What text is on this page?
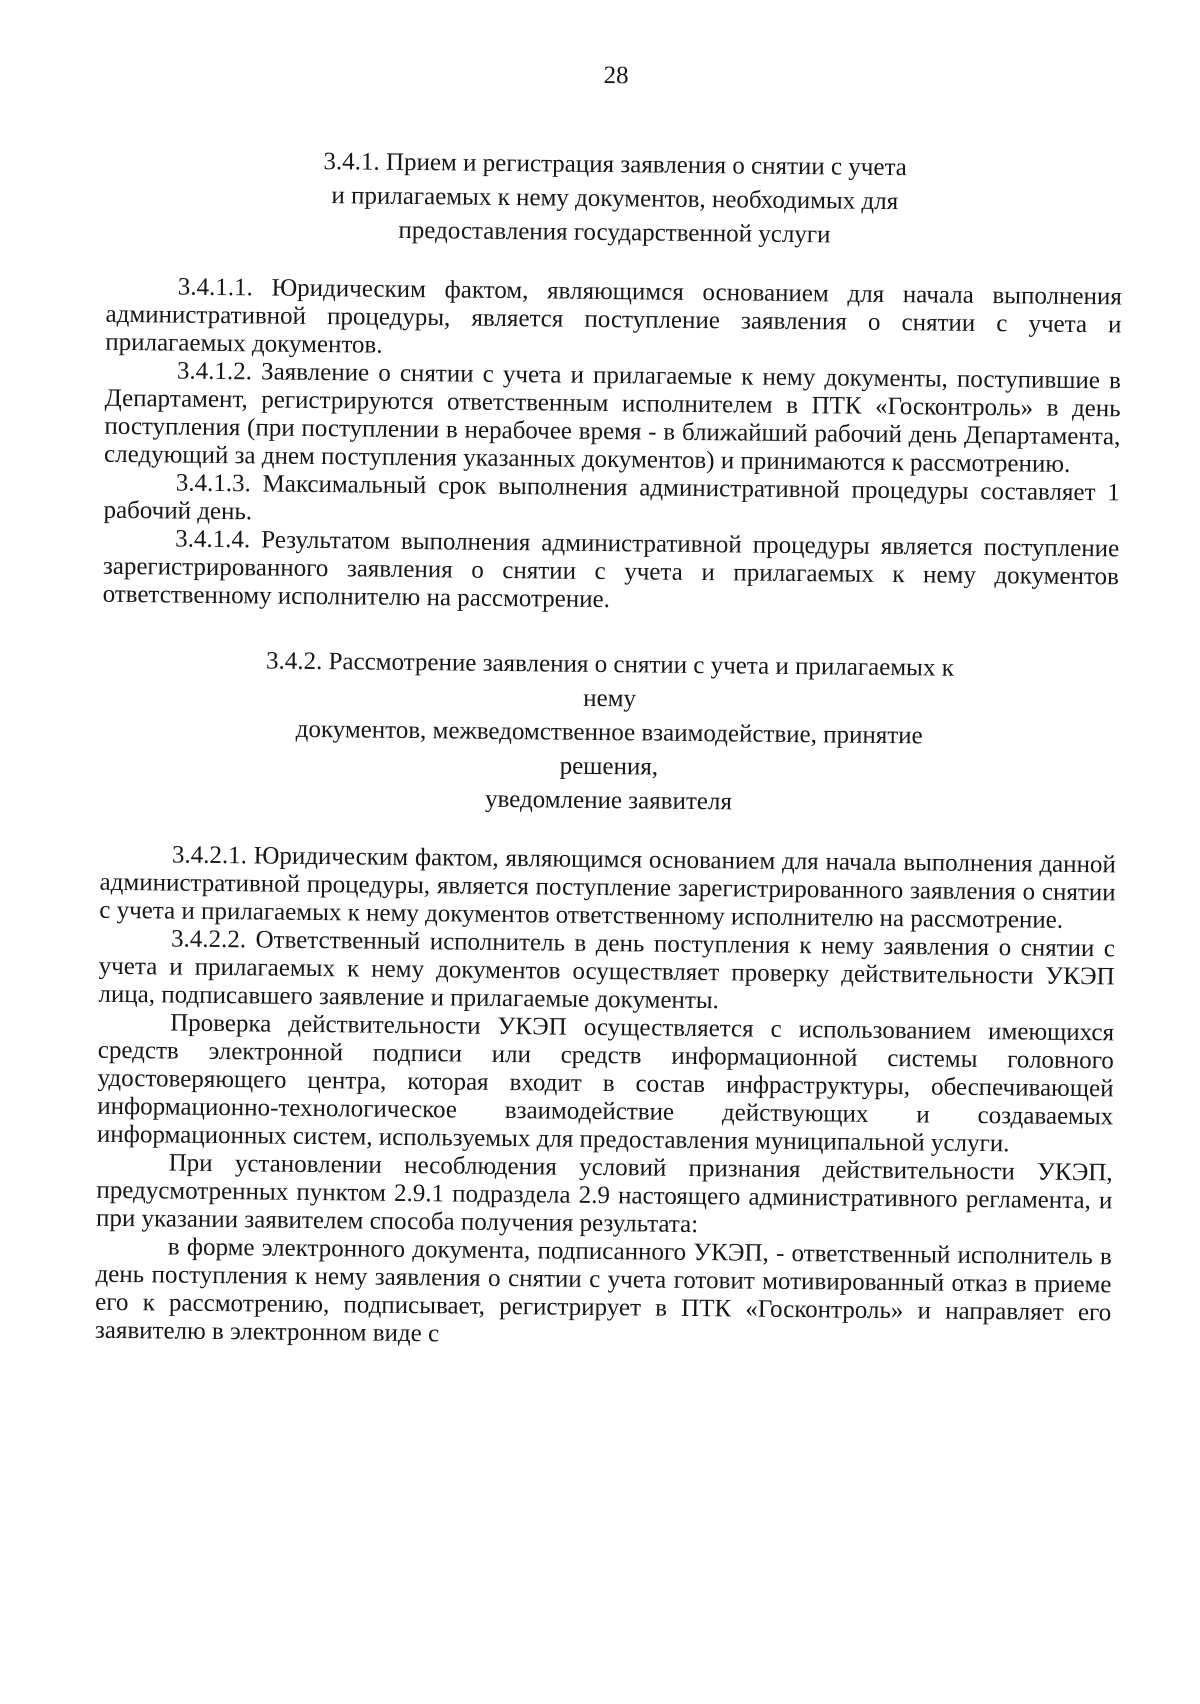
28
3.4.1. Прием и регистрация заявления о снятии с учета
и прилагаемых к нему документов, необходимых для
предоставления государственной услуги

3.4.1.1. Юридическим фактом, являющимся основанием для начала выполнения административной процедуры, является поступление заявления о снятии с учета и прилагаемых документов.

3.4.1.2. Заявление о снятии с учета и прилагаемые к нему документы, поступившие в Департамент, регистрируются ответственным исполнителем в ПТК «Госконтроль» в день поступления (при поступлении в нерабочее время - в ближайший рабочий день Департамента, следующий за днем поступления указанных документов) и принимаются к рассмотрению.

3.4.1.3. Максимальный срок выполнения административной процедуры составляет 1 рабочий день.

3.4.1.4. Результатом выполнения административной процедуры является поступление зарегистрированного заявления о снятии с учета и прилагаемых к нему документов ответственному исполнителю на рассмотрение.

3.4.2. Рассмотрение заявления о снятии с учета и прилагаемых к нему
документов, межведомственное взаимодействие, принятие решения,
уведомление заявителя

3.4.2.1. Юридическим фактом, являющимся основанием для начала выполнения данной административной процедуры, является поступление зарегистрированного заявления о снятии с учета и прилагаемых к нему документов ответственному исполнителю на рассмотрение.

3.4.2.2. Ответственный исполнитель в день поступления к нему заявления о снятии с учета и прилагаемых к нему документов осуществляет проверку действительности УКЭП лица, подписавшего заявление и прилагаемые документы.

Проверка действительности УКЭП осуществляется с использованием имеющихся средств электронной подписи или средств информационной системы головного удостоверяющего центра, которая входит в состав инфраструктуры, обеспечивающей информационно-технологическое взаимодействие действующих и создаваемых информационных систем, используемых для предоставления муниципальной услуги.

При установлении несоблюдения условий признания действительности УКЭП, предусмотренных пунктом 2.9.1 подраздела 2.9 настоящего административного регламента, и при указании заявителем способа получения результата:

в форме электронного документа, подписанного УКЭП, - ответственный исполнитель в день поступления к нему заявления о снятии с учета готовит мотивированный отказ в приеме его к рассмотрению, подписывает, регистрирует в ПТК «Госконтроль» и направляет его заявителю в электронном виде с
